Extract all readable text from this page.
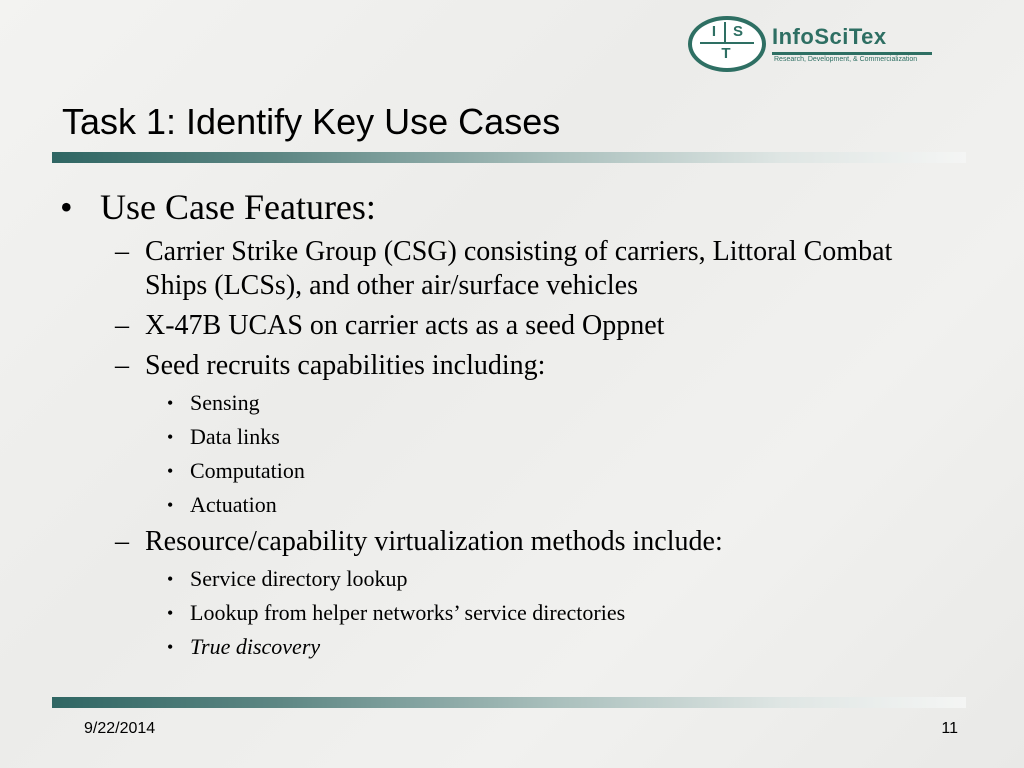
I	S
T
InfoSciTex
Research, Development, & Commercialization
Task 1: Identify Key Use Cases
• Use Case Features:
– Carrier Strike Group (CSG) consisting of carriers, Littoral Combat Ships (LCSs), and other air/surface vehicles
– X-47B UCAS on carrier acts as a seed Oppnet
– Seed recruits capabilities including:
• Sensing
• Data links
• Computation
• Actuation
– Resource/capability virtualization methods include:
• Service directory lookup
• Lookup from helper networks’ service directories
• True discovery
9/22/2014	11
